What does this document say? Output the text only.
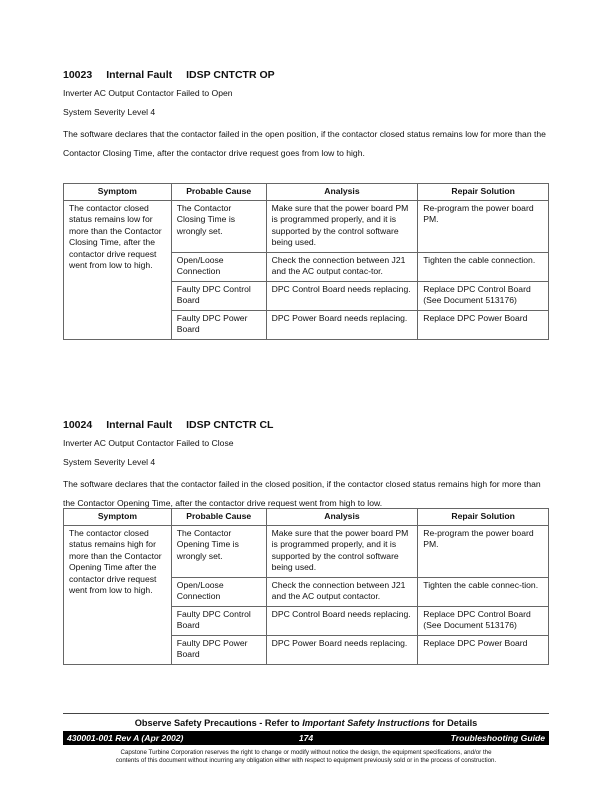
10023 Internal Fault IDSP CNTCTR OP

Inverter AC Output Contactor Failed to Open

System Severity Level 4

The software declares that the contactor failed in the open position, if the contactor closed status remains low for more than the Contactor Closing Time, after the contactor drive request goes from low to high.

Symptom	Probable Cause	Analysis	Repair Solution
The contactor closed status remains low for more than the Contactor Closing Time, after the contactor drive request went from low to high.	The Contactor Closing Time is wrongly set.	Make sure that the power board PM is programmed properly, and it is supported by the control software being used.	Re-program the power board PM.
	Open/Loose Connection	Check the connection between J21 and the AC output contac-tor.	Tighten the cable connection.
	Faulty DPC Control Board	DPC Control Board needs replacing.	Replace DPC Control Board (See Document 513176)
	Faulty DPC Power Board	DPC Power Board needs replacing.	Replace DPC Power Board

10024 Internal Fault IDSP CNTCTR CL

Inverter AC Output Contactor Failed to Close

System Severity Level 4

The software declares that the contactor failed in the closed position, if the contactor closed status remains high for more than the Contactor Opening Time, after the contactor drive request went from high to low.

Symptom	Probable Cause	Analysis	Repair Solution
The contactor closed status remains high for more than the Contactor Opening Time after the contactor drive request went from low to high.	The Contactor Opening Time is wrongly set.	Make sure that the power board PM is programmed properly, and it is supported by the control software being used.	Re-program the power board PM.
	Open/Loose Connection	Check the connection between J21 and the AC output contactor.	Tighten the cable connec-tion.
	Faulty DPC Control Board	DPC Control Board needs replacing.	Replace DPC Control Board (See Document 513176)
	Faulty DPC Power Board	DPC Power Board needs replacing.	Replace DPC Power Board
Observe Safety Precautions - Refer to Important Safety Instructions for Details
430001-001 Rev A (Apr 2002)	174	Troubleshooting Guide
Capstone Turbine Corporation reserves the right to change or modify without notice the design, the equipment specifications, and/or the
contents of this document without incurring any obligation either with respect to equipment previously sold or in the process of construction.
